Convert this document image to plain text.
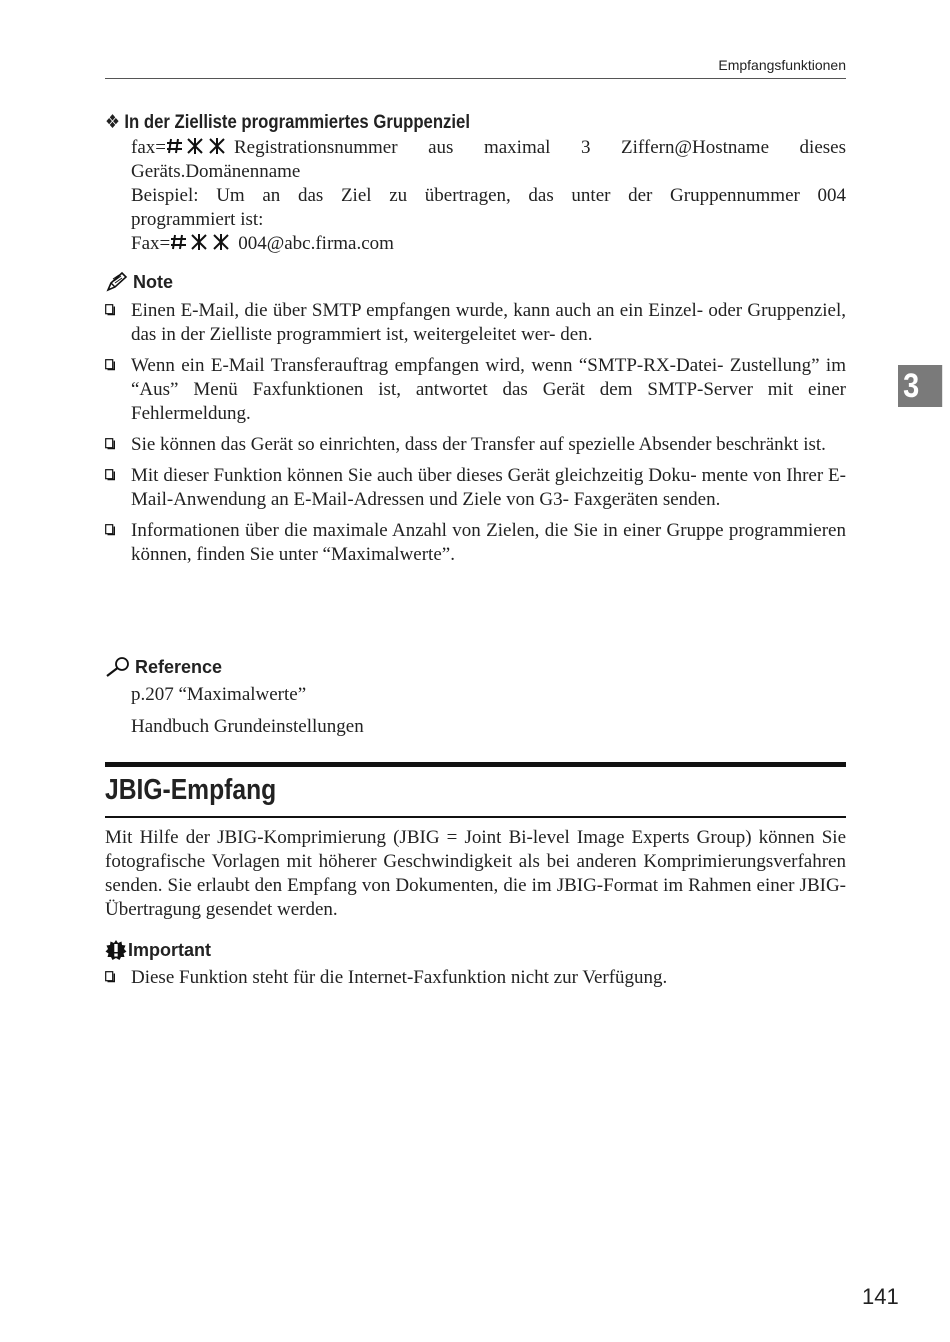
Empfangsfunktionen
3
❖ In der Zielliste programmiertes Gruppenziel

fax=	Registrationsnummer aus maximal 3 Ziffern@Hostname dieses

Geräts.Domänenname

Beispiel: Um an das Ziel zu übertragen, das unter der Gruppennummer 004

programmiert ist:

Fax=	004@abc.firma.com

Note
Einen E-Mail, die über SMTP empfangen wurde, kann auch an ein Einzel- oder Gruppenziel, das in der Zielliste programmiert ist, weitergeleitet wer- den.
Wenn ein E-Mail Transferauftrag empfangen wird, wenn “SMTP-RX-Datei- Zustellung” im “Aus” Menü Faxfunktionen ist, antwortet das Gerät dem SMTP-Server mit einer Fehlermeldung.
Sie können das Gerät so einrichten, dass der Transfer auf spezielle Absender beschränkt ist.
Mit dieser Funktion können Sie auch über dieses Gerät gleichzeitig Doku- mente von Ihrer E-Mail-Anwendung an E-Mail-Adressen und Ziele von G3- Faxgeräten senden.
Informationen über die maximale Anzahl von Zielen, die Sie in einer Gruppe programmieren können, finden Sie unter “Maximalwerte”.
Reference
p.207 “Maximalwerte”
Handbuch Grundeinstellungen
JBIG-Empfang

Mit Hilfe der JBIG-Komprimierung (JBIG = Joint Bi-level Image Experts Group) können Sie fotografische Vorlagen mit höherer Geschwindigkeit als bei anderen Komprimierungsverfahren senden. Sie erlaubt den Empfang von Dokumenten, die im JBIG-Format im Rahmen einer JBIG-Übertragung gesendet werden.

Important
Diese Funktion steht für die Internet-Faxfunktion nicht zur Verfügung.
141
